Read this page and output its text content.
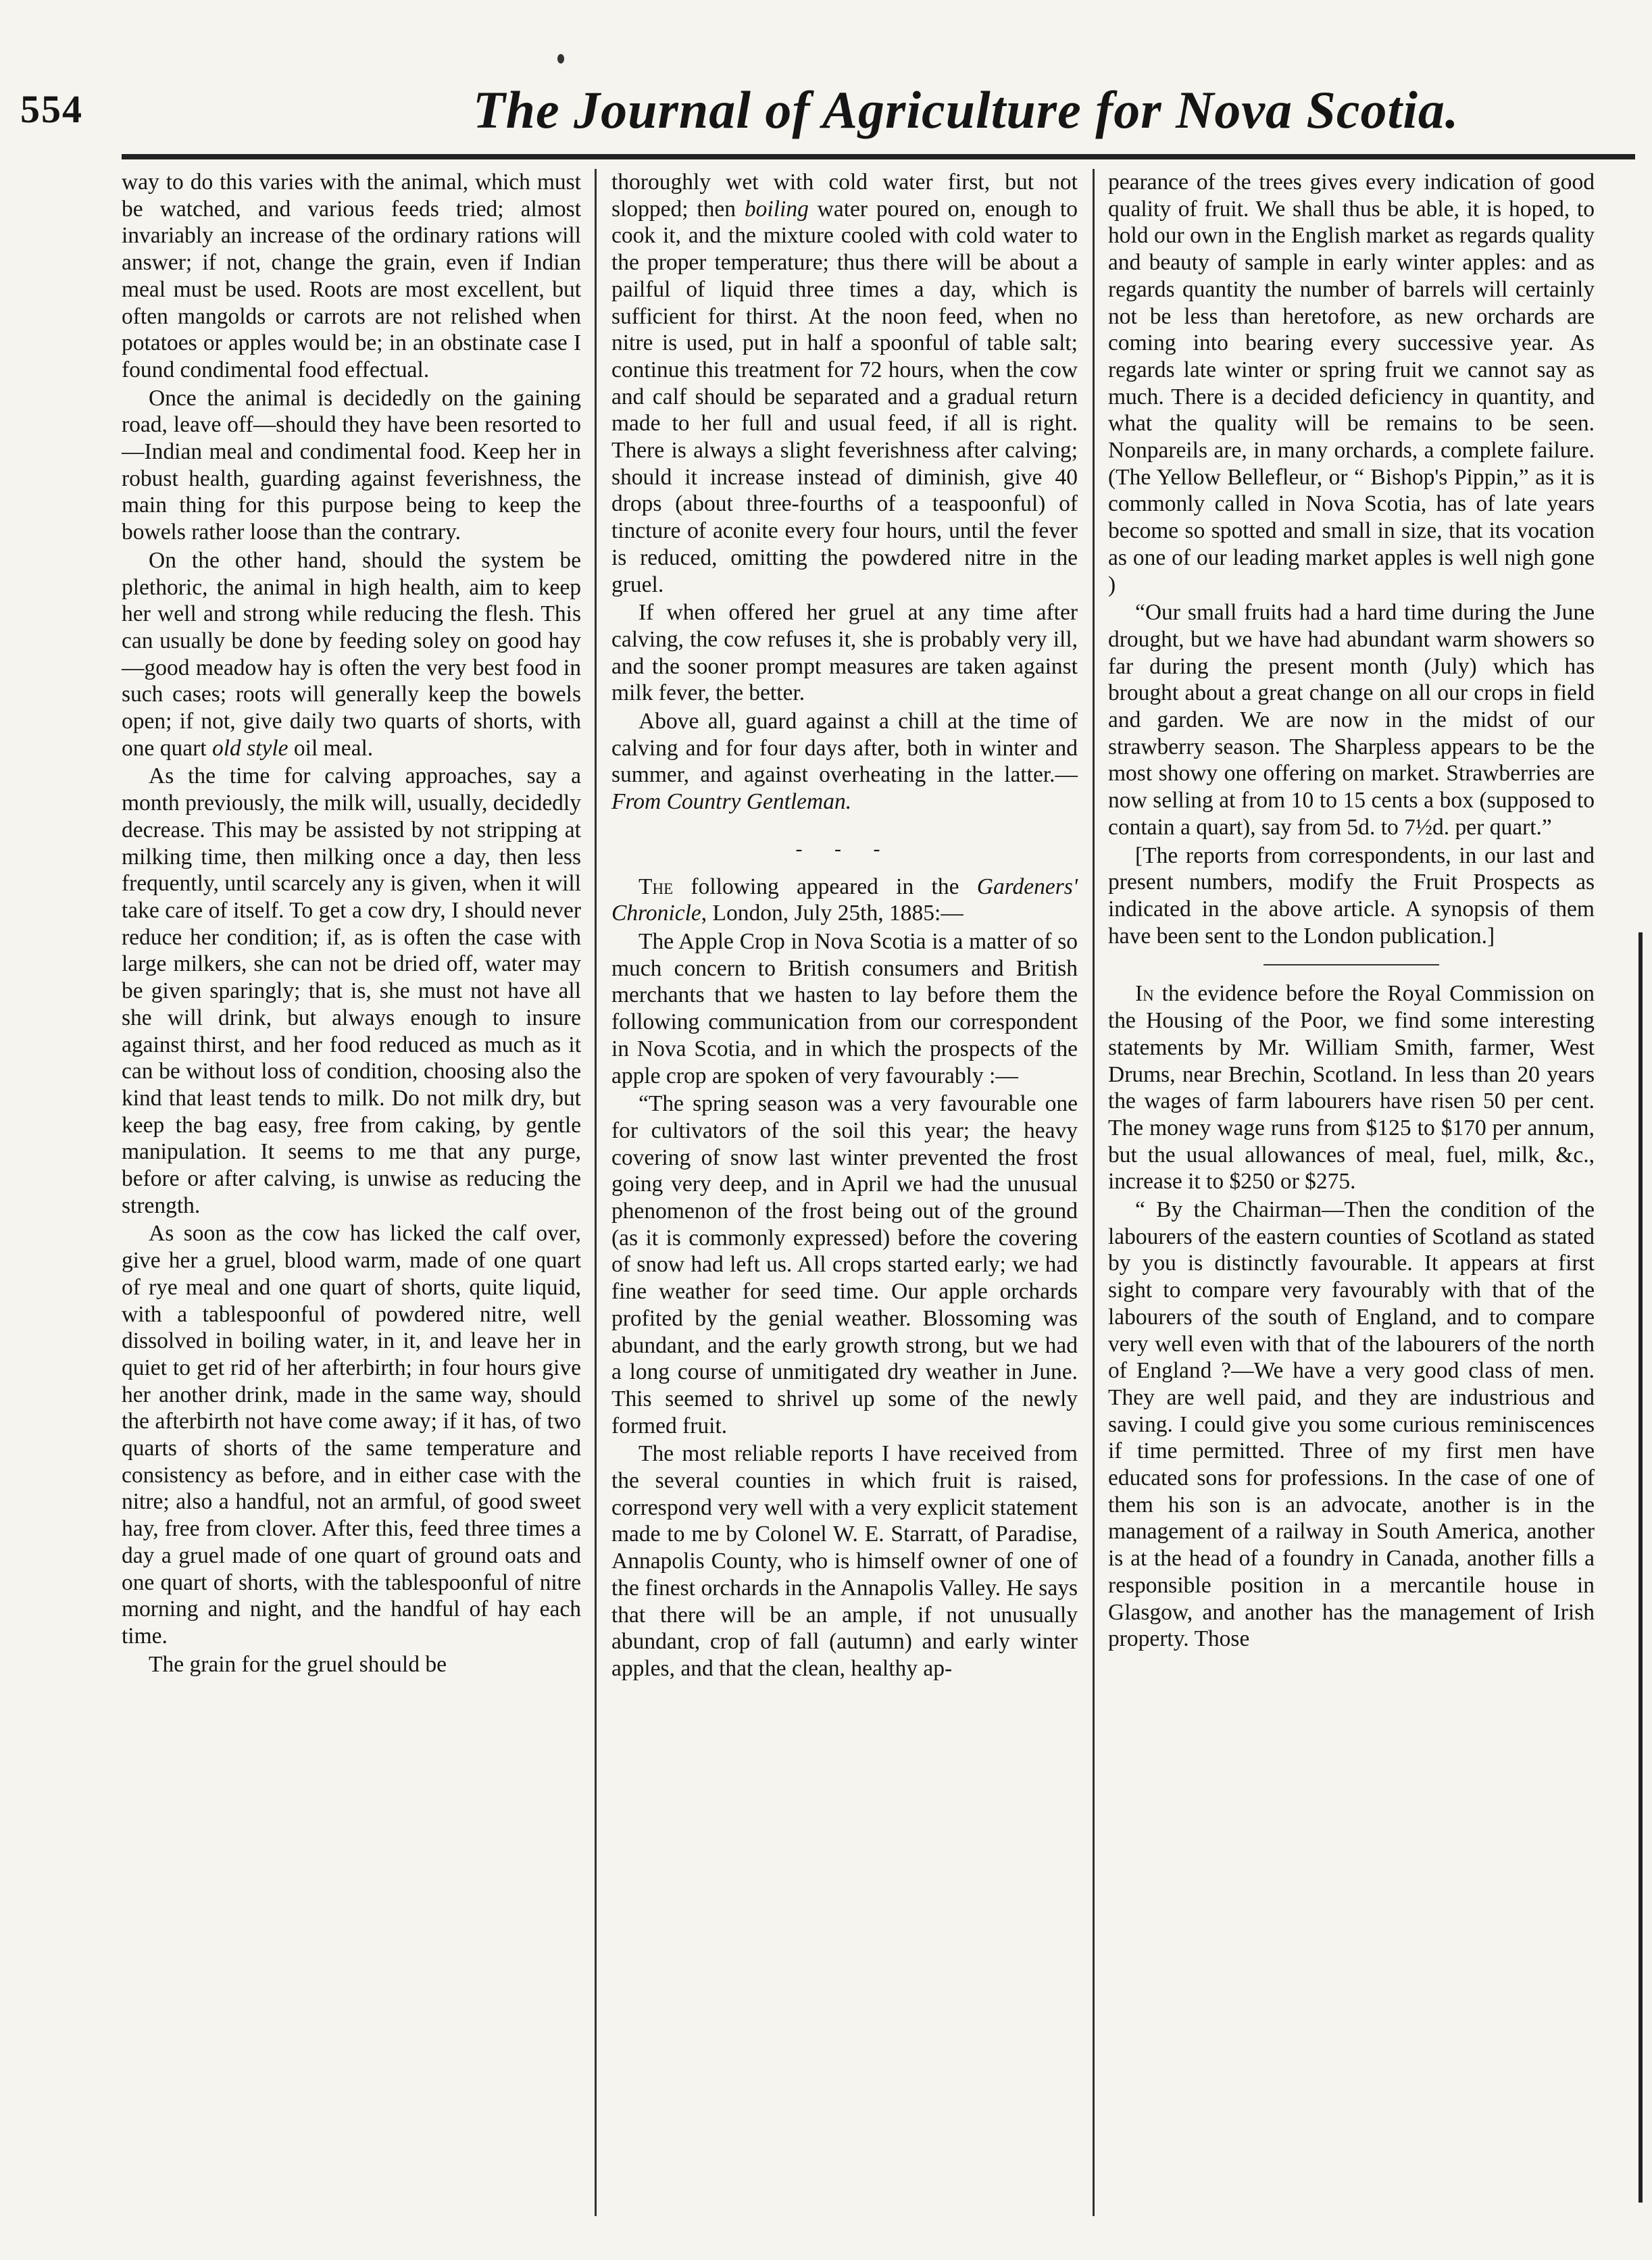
554	The Journal of Agriculture for Nova Scotia.

way to do this varies with the animal, which must be watched, and various feeds tried; almost invariably an increase of the ordinary rations will answer; if not, change the grain, even if Indian meal must be used. Roots are most excellent, but often mangolds or carrots are not relished when potatoes or apples would be; in an obstinate case I found condimental food effectual.

Once the animal is decidedly on the gaining road, leave off—should they have been resorted to—Indian meal and condimental food. Keep her in robust health, guarding against feverishness, the main thing for this purpose being to keep the bowels rather loose than the contrary.

On the other hand, should the system be plethoric, the animal in high health, aim to keep her well and strong while reducing the flesh. This can usually be done by feeding soley on good hay—good meadow hay is often the very best food in such cases; roots will generally keep the bowels open; if not, give daily two quarts of shorts, with one quart old style oil meal.

As the time for calving approaches, say a month previously, the milk will, usually, decidedly decrease. This may be assisted by not stripping at milking time, then milking once a day, then less frequently, until scarcely any is given, when it will take care of itself. To get a cow dry, I should never reduce her condition; if, as is often the case with large milkers, she can not be dried off, water may be given sparingly; that is, she must not have all she will drink, but always enough to insure against thirst, and her food reduced as much as it can be without loss of condition, choosing also the kind that least tends to milk. Do not milk dry, but keep the bag easy, free from caking, by gentle manipulation. It seems to me that any purge, before or after calving, is unwise as reducing the strength.

As soon as the cow has licked the calf over, give her a gruel, blood warm, made of one quart of rye meal and one quart of shorts, quite liquid, with a tablespoonful of powdered nitre, well dissolved in boiling water, in it, and leave her in quiet to get rid of her afterbirth; in four hours give her another drink, made in the same way, should the afterbirth not have come away; if it has, of two quarts of shorts of the same temperature and consistency as before, and in either case with the nitre; also a handful, not an armful, of good sweet hay, free from clover. After this, feed three times a day a gruel made of one quart of ground oats and one quart of shorts, with the tablespoonful of nitre morning and night, and the handful of hay each time.

The grain for the gruel should be

thoroughly wet with cold water first, but not slopped; then boiling water poured on, enough to cook it, and the mixture cooled with cold water to the proper temperature; thus there will be about a pailful of liquid three times a day, which is sufficient for thirst. At the noon feed, when no nitre is used, put in half a spoonful of table salt; continue this treatment for 72 hours, when the cow and calf should be separated and a gradual return made to her full and usual feed, if all is right. There is always a slight feverishness after calving; should it increase instead of diminish, give 40 drops (about three-fourths of a teaspoonful) of tincture of aconite every four hours, until the fever is reduced, omitting the powdered nitre in the gruel.

If when offered her gruel at any time after calving, the cow refuses it, she is probably very ill, and the sooner prompt measures are taken against milk fever, the better.

Above all, guard against a chill at the time of calving and for four days after, both in winter and summer, and against overheating in the latter.—From Country Gentleman.

- - -

The following appeared in the Gardeners' Chronicle, London, July 25th, 1885:—

The Apple Crop in Nova Scotia is a matter of so much concern to British consumers and British merchants that we hasten to lay before them the following communication from our correspondent in Nova Scotia, and in which the prospects of the apple crop are spoken of very favourably :—

“The spring season was a very favourable one for cultivators of the soil this year; the heavy covering of snow last winter prevented the frost going very deep, and in April we had the unusual phenomenon of the frost being out of the ground (as it is commonly expressed) before the covering of snow had left us. All crops started early; we had fine weather for seed time. Our apple orchards profited by the genial weather. Blossoming was abundant, and the early growth strong, but we had a long course of unmitigated dry weather in June. This seemed to shrivel up some of the newly formed fruit.

The most reliable reports I have received from the several counties in which fruit is raised, correspond very well with a very explicit statement made to me by Colonel W. E. Starratt, of Paradise, Annapolis County, who is himself owner of one of the finest orchards in the Annapolis Valley. He says that there will be an ample, if not unusually abundant, crop of fall (autumn) and early winter apples, and that the clean, healthy ap-

pearance of the trees gives every indication of good quality of fruit. We shall thus be able, it is hoped, to hold our own in the English market as regards quality and beauty of sample in early winter apples: and as regards quantity the number of barrels will certainly not be less than heretofore, as new orchards are coming into bearing every successive year. As regards late winter or spring fruit we cannot say as much. There is a decided deficiency in quantity, and what the quality will be remains to be seen. Nonpareils are, in many orchards, a complete failure. (The Yellow Bellefleur, or “ Bishop's Pippin,” as it is commonly called in Nova Scotia, has of late years become so spotted and small in size, that its vocation as one of our leading market apples is well nigh gone )

“Our small fruits had a hard time during the June drought, but we have had abundant warm showers so far during the present month (July) which has brought about a great change on all our crops in field and garden. We are now in the midst of our strawberry season. The Sharpless appears to be the most showy one offering on market. Strawberries are now selling at from 10 to 15 cents a box (supposed to contain a quart), say from 5d. to 7½d. per quart.”

[The reports from correspondents, in our last and present numbers, modify the Fruit Prospects as indicated in the above article. A synopsis of them have been sent to the London publication.]

In the evidence before the Royal Commission on the Housing of the Poor, we find some interesting statements by Mr. William Smith, farmer, West Drums, near Brechin, Scotland. In less than 20 years the wages of farm labourers have risen 50 per cent. The money wage runs from $125 to $170 per annum, but the usual allowances of meal, fuel, milk, &c., increase it to $250 or $275.

“ By the Chairman—Then the condition of the labourers of the eastern counties of Scotland as stated by you is distinctly favourable. It appears at first sight to compare very favourably with that of the labourers of the south of England, and to compare very well even with that of the labourers of the north of England ?—We have a very good class of men. They are well paid, and they are industrious and saving. I could give you some curious reminiscences if time permitted. Three of my first men have educated sons for professions. In the case of one of them his son is an advocate, another is in the management of a railway in South America, another is at the head of a foundry in Canada, another fills a responsible position in a mercantile house in Glasgow, and another has the management of Irish property. Those
